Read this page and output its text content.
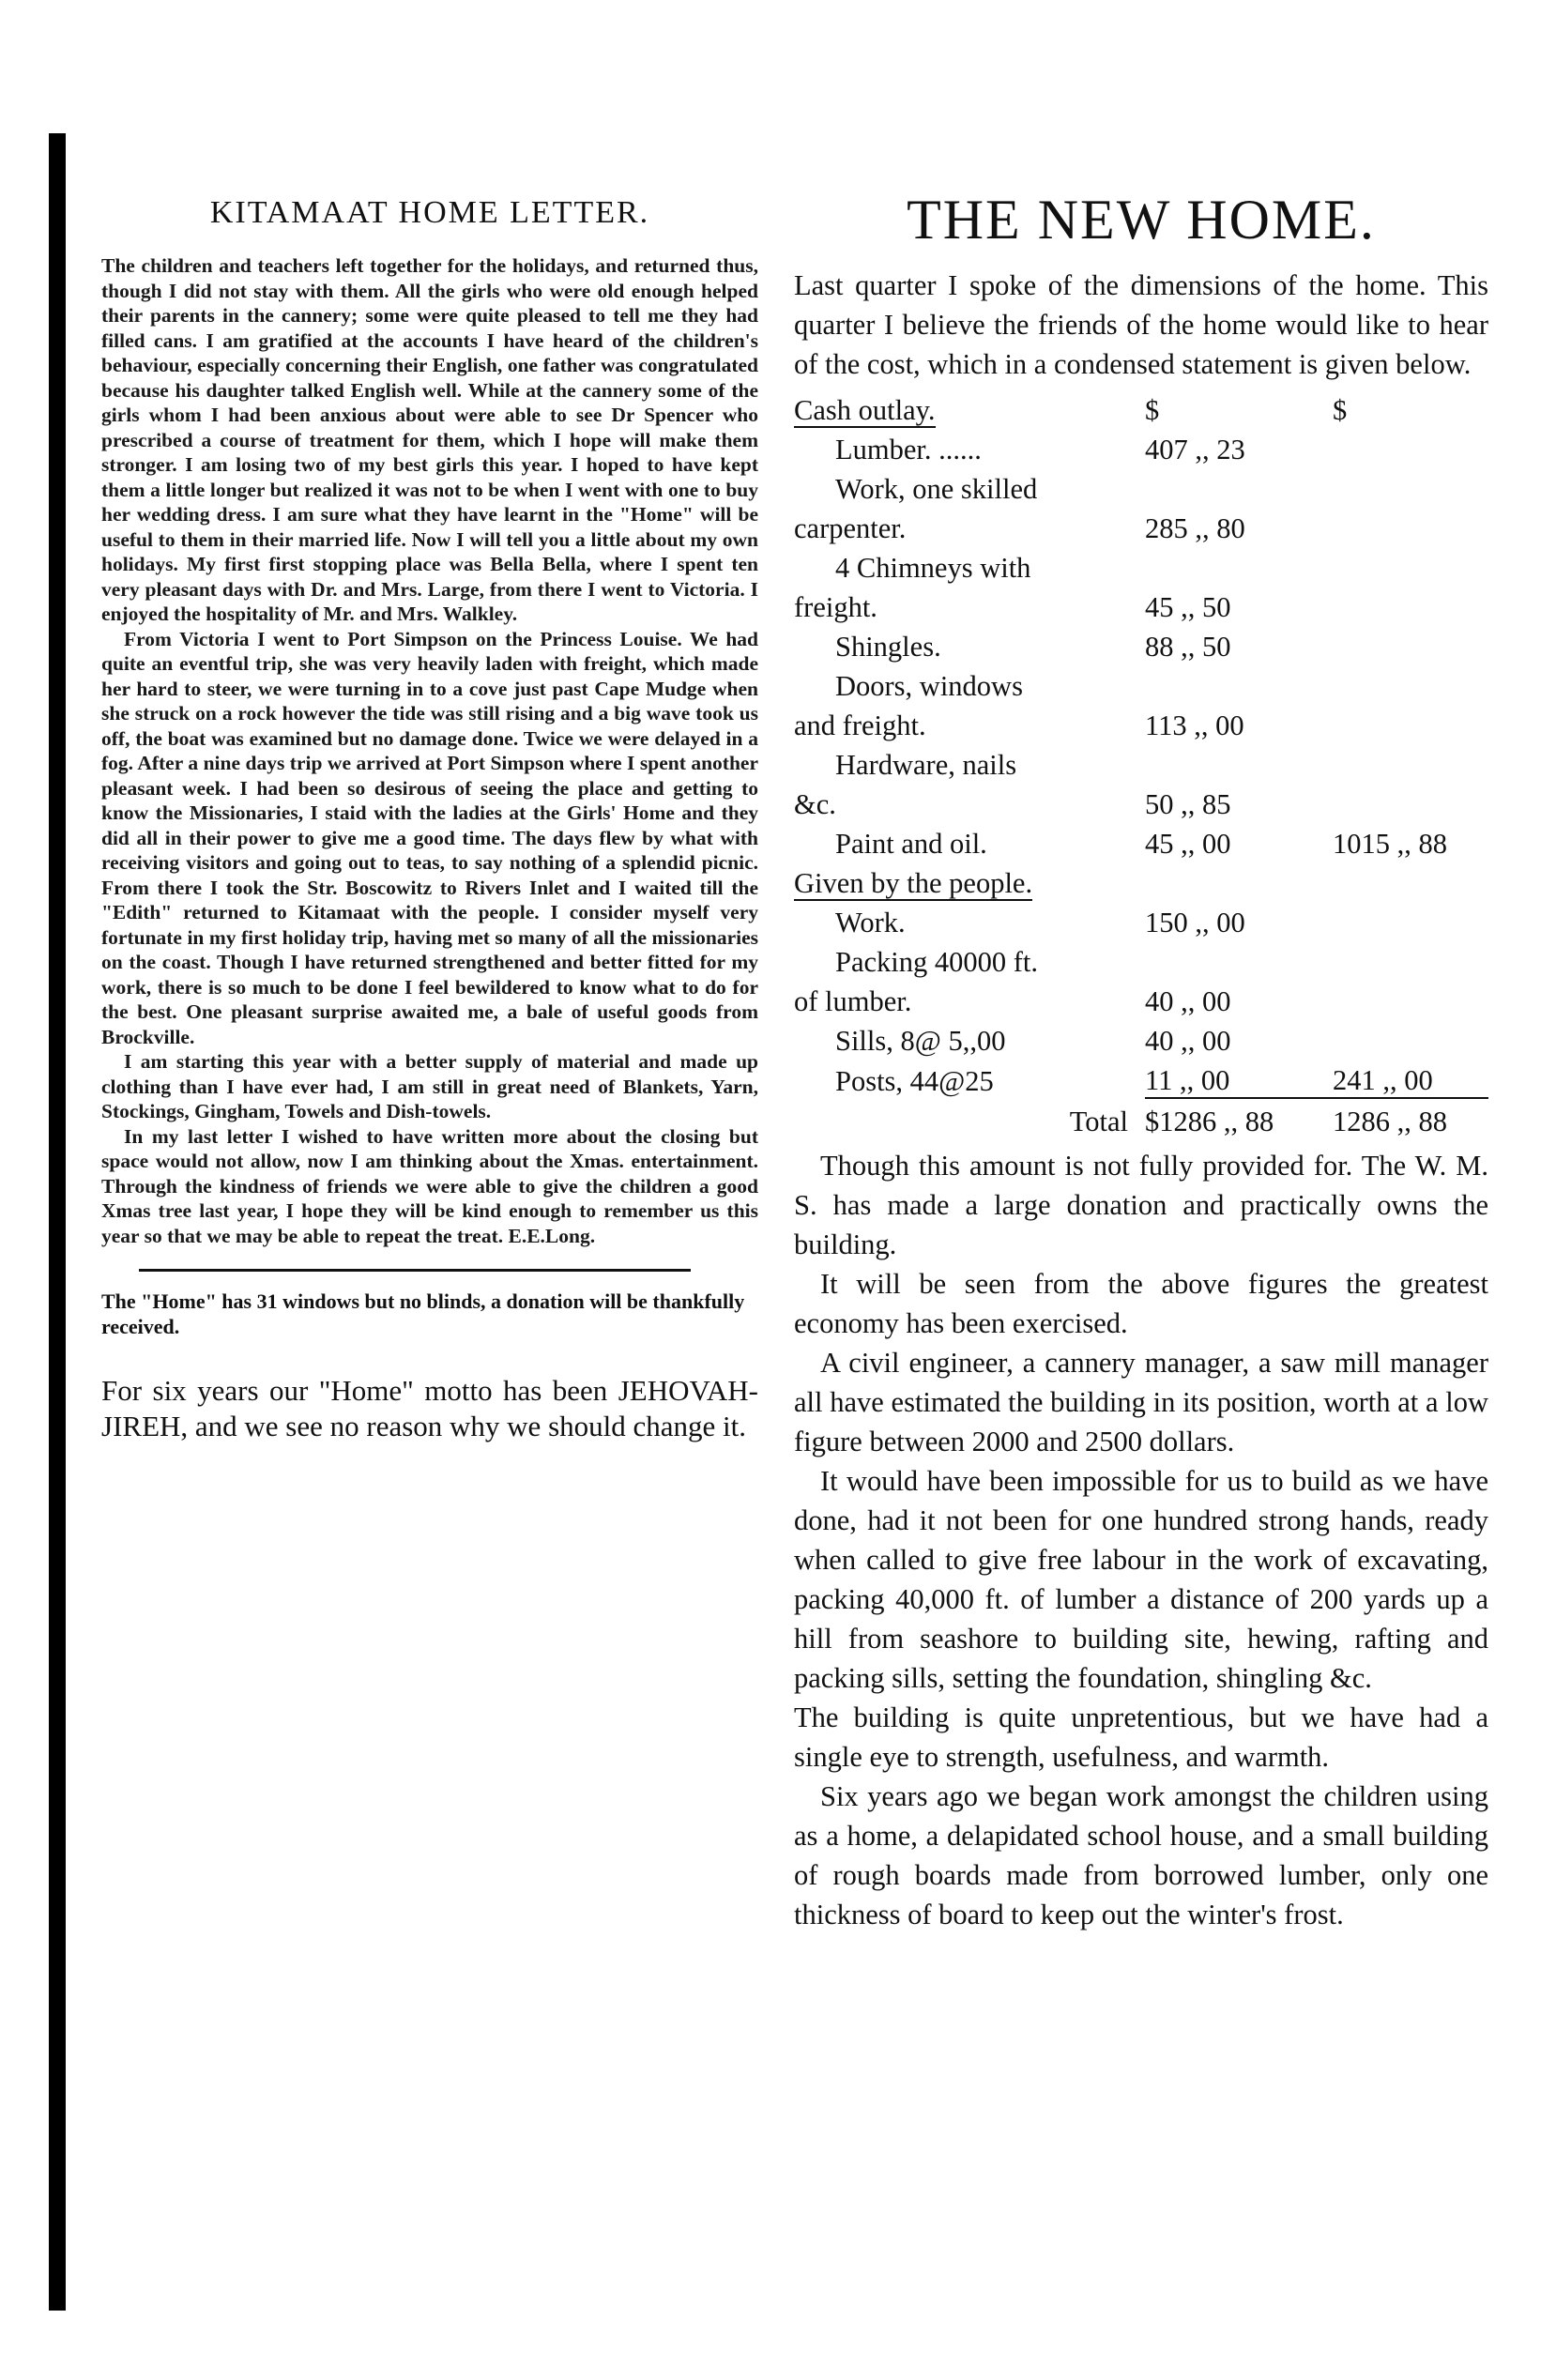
KITAMAAT HOME LETTER.

The children and teachers left together for the holidays, and returned thus, though I did not stay with them. All the girls who were old enough helped their parents in the cannery; some were quite pleased to tell me they had filled cans. I am gratified at the accounts I have heard of the children's behaviour, especially concerning their English, one father was congratulated because his daughter talked English well. While at the cannery some of the girls whom I had been anxious about were able to see Dr Spencer who prescribed a course of treatment for them, which I hope will make them stronger. I am losing two of my best girls this year. I hoped to have kept them a little longer but realized it was not to be when I went with one to buy her wedding dress. I am sure what they have learnt in the "Home" will be useful to them in their married life. Now I will tell you a little about my own holidays. My first first stopping place was Bella Bella, where I spent ten very pleasant days with Dr. and Mrs. Large, from there I went to Victoria. I enjoyed the hospitality of Mr. and Mrs. Walkley.

From Victoria I went to Port Simpson on the Princess Louise. We had quite an eventful trip, she was very heavily laden with freight, which made her hard to steer, we were turning in to a cove just past Cape Mudge when she struck on a rock however the tide was still rising and a big wave took us off, the boat was examined but no damage done. Twice we were delayed in a fog. After a nine days trip we arrived at Port Simpson where I spent another pleasant week. I had been so desirous of seeing the place and getting to know the Missionaries, I staid with the ladies at the Girls' Home and they did all in their power to give me a good time. The days flew by what with receiving visitors and going out to teas, to say nothing of a splendid picnic. From there I took the Str. Boscowitz to Rivers Inlet and I waited till the "Edith" returned to Kitamaat with the people. I consider myself very fortunate in my first holiday trip, having met so many of all the missionaries on the coast. Though I have returned strengthened and better fitted for my work, there is so much to be done I feel bewildered to know what to do for the best. One pleasant surprise awaited me, a bale of useful goods from Brockville.

I am starting this year with a better supply of material and made up clothing than I have ever had, I am still in great need of Blankets, Yarn, Stockings, Gingham, Towels and Dish-towels.

In my last letter I wished to have written more about the closing but space would not allow, now I am thinking about the Xmas. entertainment. Through the kindness of friends we were able to give the children a good Xmas tree last year, I hope they will be kind enough to remember us this year so that we may be able to repeat the treat. E.E.Long.

The "Home" has 31 windows but no blinds, a donation will be thankfully received.

For six years our "Home" motto has been JEHOVAH-JIREH, and we see no reason why we should change it.

THE NEW HOME.

Last quarter I spoke of the dimensions of the home. This quarter I believe the friends of the home would like to hear of the cost, which in a condensed statement is given below.

Cash outlay.	$	$
Lumber. ......	407 ,, 23	
Work, one skilled		
carpenter.	285 ,, 80	
4 Chimneys with		
freight.	45 ,, 50	
Shingles.	88 ,, 50	
Doors, windows		
and freight.	113 ,, 00	
Hardware, nails		
&c.	50 ,, 85	
Paint and oil.	45 ,, 00	1015 ,, 88
Given by the people.		
Work.	150 ,, 00	
Packing 40000 ft.		
of lumber.	40 ,, 00	
Sills, 8@ 5,,00	40 ,, 00	
Posts, 44@25	11 ,, 00	241 ,, 00
Total	$1286 ,, 88	1286 ,, 88

Though this amount is not fully provided for. The W. M. S. has made a large donation and practically owns the building.

It will be seen from the above figures the greatest economy has been exercised.

A civil engineer, a cannery manager, a saw mill manager all have estimated the building in its position, worth at a low figure between 2000 and 2500 dollars.

It would have been impossible for us to build as we have done, had it not been for one hundred strong hands, ready when called to give free labour in the work of excavating, packing 40,000 ft. of lumber a distance of 200 yards up a hill from seashore to building site, hewing, rafting and packing sills, setting the foundation, shingling &c.

The building is quite unpretentious, but we have had a single eye to strength, usefulness, and warmth.

Six years ago we began work amongst the children using as a home, a delapidated school house, and a small building of rough boards made from borrowed lumber, only one thickness of board to keep out the winter's frost.
